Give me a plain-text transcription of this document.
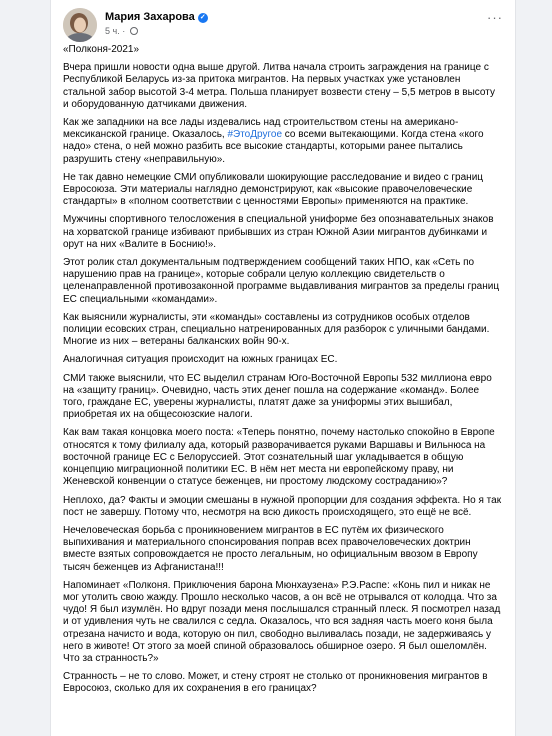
Мария Захарова ✓
5 ч. ·
···

«Полконя-2021»

Вчера пришли новости одна выше другой. Литва начала строить заграждения на границе с Республикой Беларусь из-за притока мигрантов. На первых участках уже установлен стальной забор высотой 3-4 метра. Польша планирует возвести стену – 5,5 метров в высоту и оборудованную датчиками движения.

Как же западники на все лады издевались над строительством стены на американо-мексиканской границе. Оказалось, #ЭтоДругое со всеми вытекающими. Когда стена «кого надо» стена, о ней можно разбить все высокие стандарты, которыми ранее пытались разрушить стену «неправильную».

Не так давно немецкие СМИ опубликовали шокирующие расследование и видео с границ Евросоюза. Эти материалы наглядно демонстрируют, как «высокие правочеловеческие стандарты» в «полном соответствии с ценностями Европы» применяются на практике.

Мужчины спортивного телосложения в специальной униформе без опознавательных знаков на хорватской границе избивают прибывших из стран Южной Азии мигрантов дубинками и орут на них «Валите в Боснию!».

Этот ролик стал документальным подтверждением сообщений таких НПО, как «Сеть по нарушению прав на границе», которые собрали целую коллекцию свидетельств о целенаправленной противозаконной программе выдавливания мигрантов за пределы границ ЕС специальными «командами».

Как выяснили журналисты, эти «команды» составлены из сотрудников особых отделов полиции есовских стран, специально натренированных для разборок с уличными бандами. Многие из них – ветераны балканских войн 90-х.

Аналогичная ситуация происходит на южных границах ЕС.

СМИ также выяснили, что ЕС выделил странам Юго-Восточной Европы 532 миллиона евро на «защиту границ». Очевидно, часть этих денег пошла на содержание «команд». Более того, граждане ЕС, уверены журналисты, платят даже за униформы этих вышибал, приобретая их на общесоюзские налоги.

Как вам такая концовка моего поста: «Теперь понятно, почему настолько спокойно в Европе относятся к тому филиалу ада, который разворачивается руками Варшавы и Вильнюса на восточной границе ЕС с Белоруссией. Этот сознательный шаг укладывается в общую концепцию миграционной политики ЕС. В нём нет места ни европейскому праву, ни Женевской конвенции о статусе беженцев, ни простому людскому состраданию»?

Неплохо, да? Факты и эмоции смешаны в нужной пропорции для создания эффекта. Но я так пост не завершу. Потому что, несмотря на всю дикость происходящего, это ещё не всё.

Нечеловеческая борьба с проникновением мигрантов в ЕС путём их физического выпихивания и материального спонсирования поправ всех правочеловеческих доктрин вместе взятых сопровождается не просто легальным, но официальным ввозом в Европу тысяч беженцев из Афганистана!!!

Напоминает «Полконя. Приключения барона Мюнхаузена» Р.Э.Распе: «Конь пил и никак не мог утолить свою жажду. Прошло несколько часов, а он всё не отрывался от колодца. Что за чудо! Я был изумлён. Но вдруг позади меня послышался странный плеск. Я посмотрел назад и от удивления чуть не свалился с седла. Оказалось, что вся задняя часть моего коня была отрезана начисто и вода, которую он пил, свободно выливалась позади, не задерживаясь у него в животе! От этого за моей спиной образовалось обширное озеро. Я был ошеломлён. Что за странность?»

Странность – не то слово. Может, и стену строят не столько от проникновения мигрантов в Евросоюз, сколько для их сохранения в его границах?
